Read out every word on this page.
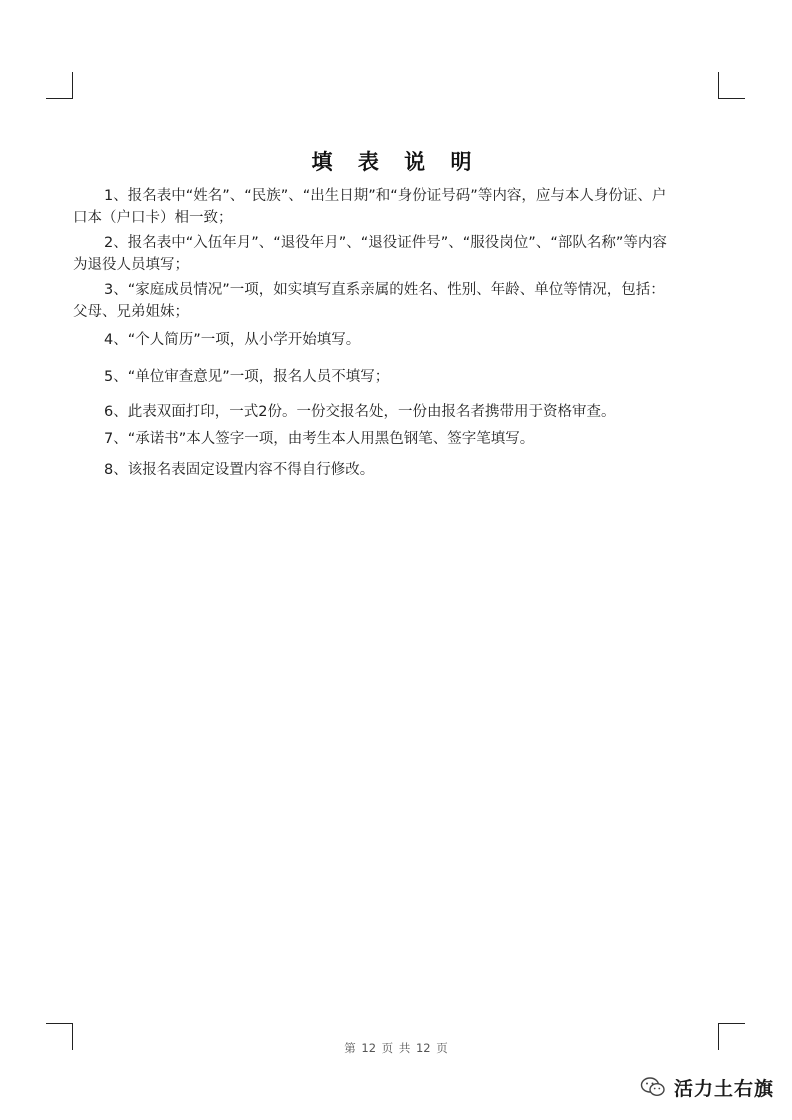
填 表 说 明

1、报名表中“姓名”、“民族”、“出生日期”和“身份证号码”等内容，应与本人身份证、户口本（户口卡）相一致；

2、报名表中“入伍年月”、“退役年月”、“退役证件号”、“服役岗位”、“部队名称”等内容为退役人员填写；

3、“家庭成员情况”一项，如实填写直系亲属的姓名、性别、年龄、单位等情况，包括：父母、兄弟姐妹；

4、“个人简历”一项，从小学开始填写。

5、“单位审查意见”一项，报名人员不填写；

6、此表双面打印，一式2份。一份交报名处，一份由报名者携带用于资格审查。

7、“承诺书”本人签字一项，由考生本人用黑色钢笔、签字笔填写。

8、该报名表固定设置内容不得自行修改。

第 12 页 共 12 页
活力土右旗
